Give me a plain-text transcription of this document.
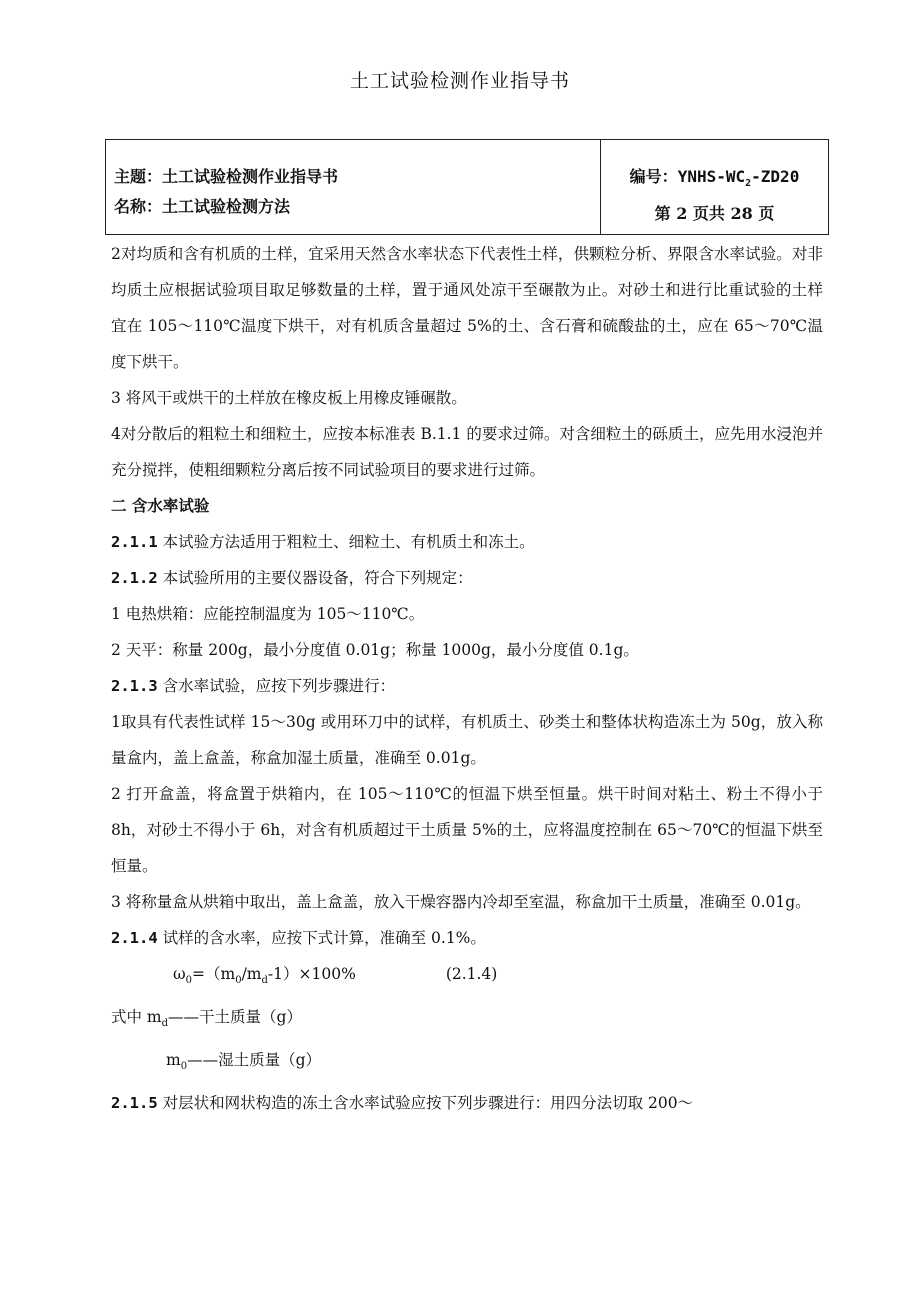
土工试验检测作业指导书
主题：土工试验检测作业指导书
名称：土工试验检测方法
编号：YNHS-$WC_2-ZD20$
第 2 页共 28 页

2对均质和含有机质的土样，宜采用天然含水率状态下代表性土样，供颗粒分析、界限含水率试验。对非均质土应根据试验项目取足够数量的土样，置于通风处凉干至碾散为止。对砂土和进行比重试验的土样宜在 105～110℃温度下烘干，对有机质含量超过 5%的土、含石膏和硫酸盐的土，应在 65～70℃温度下烘干。

3 将风干或烘干的土样放在橡皮板上用橡皮锤碾散。

4对分散后的粗粒土和细粒土，应按本标准表 B.1.1 的要求过筛。对含细粒土的砾质土，应先用水浸泡并充分搅拌，使粗细颗粒分离后按不同试验项目的要求进行过筛。

二 含水率试验

2.1.1 本试验方法适用于粗粒土、细粒土、有机质土和冻土。

2.1.2 本试验所用的主要仪器设备，符合下列规定：

1 电热烘箱：应能控制温度为 105～110℃。

2 天平：称量 200g，最小分度值 0.01g；称量 1000g，最小分度值 0.1g。

2.1.3 含水率试验，应按下列步骤进行：

1取具有代表性试样 15～30g 或用环刀中的试样，有机质土、砂类土和整体状构造冻土为 50g，放入称量盒内，盖上盒盖，称盒加湿土质量，准确至 0.01g。

2 打开盒盖，将盒置于烘箱内，在 105～110℃的恒温下烘至恒量。烘干时间对粘土、粉土不得小于 8h，对砂土不得小于 6h，对含有机质超过干土质量 5%的土，应将温度控制在 65～70℃的恒温下烘至恒量。

3 将称量盒从烘箱中取出，盖上盒盖，放入干燥容器内冷却至室温，称盒加干土质量，准确至 0.01g。

2.1.4 试样的含水率，应按下式计算，准确至 0.1%。

$\omega_0=(m_0/m_d-1)\times 100\%$	(2.1.4)

式中 $m_d——$干土质量（g）

$m_0——$湿土质量（g）

2.1.5 对层状和网状构造的冻土含水率试验应按下列步骤进行：用四分法切取 200～
